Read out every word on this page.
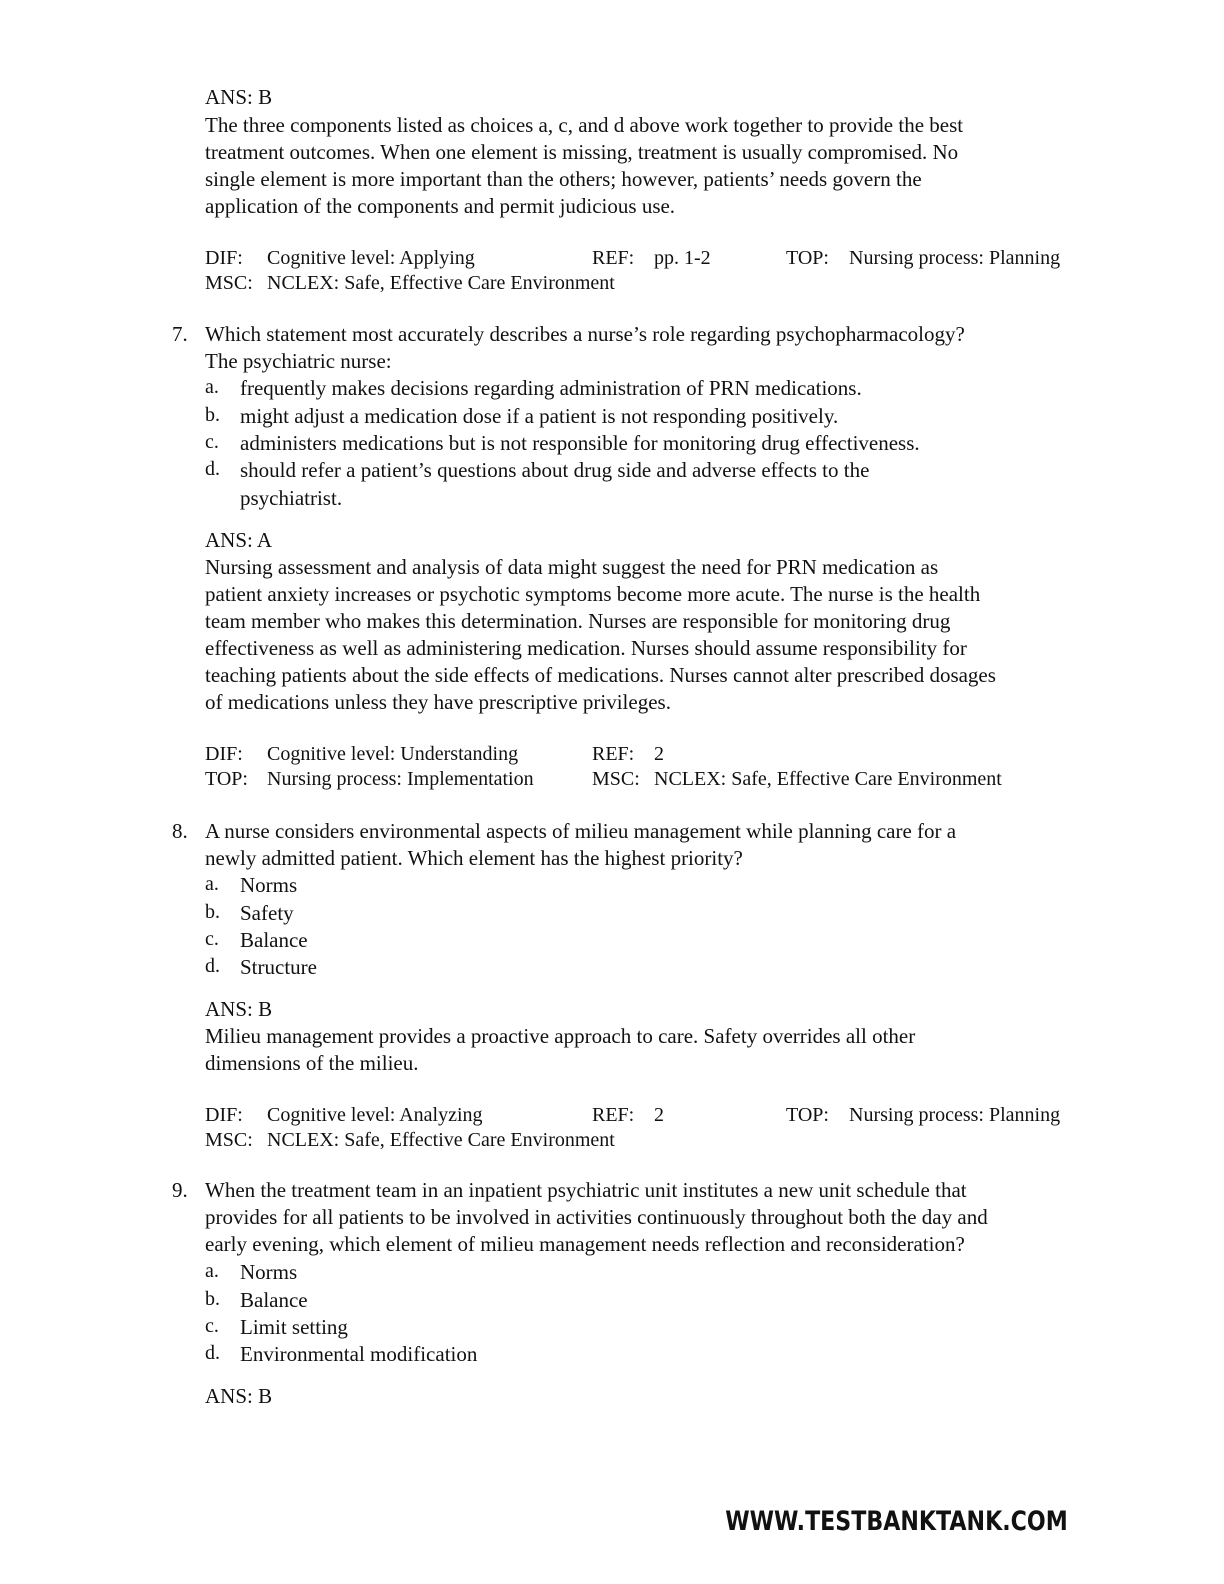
ANS: B
The three components listed as choices a, c, and d above work together to provide the best
treatment outcomes. When one element is missing, treatment is usually compromised. No
single element is more important than the others; however, patients’ needs govern the
application of the components and permit judicious use.
DIF: Cognitive level: Applying	REF: pp. 1-2	TOP: Nursing process: Planning
MSC: NCLEX: Safe, Effective Care Environment
7. Which statement most accurately describes a nurse’s role regarding psychopharmacology?
The psychiatric nurse:
a. frequently makes decisions regarding administration of PRN medications.
b. might adjust a medication dose if a patient is not responding positively.
c. administers medications but is not responsible for monitoring drug effectiveness.
d. should refer a patient’s questions about drug side and adverse effects to the
psychiatrist.
ANS: A
Nursing assessment and analysis of data might suggest the need for PRN medication as
patient anxiety increases or psychotic symptoms become more acute. The nurse is the health
team member who makes this determination. Nurses are responsible for monitoring drug
effectiveness as well as administering medication. Nurses should assume responsibility for
teaching patients about the side effects of medications. Nurses cannot alter prescribed dosages
of medications unless they have prescriptive privileges.
DIF: Cognitive level: Understanding	REF: 2
TOP: Nursing process: Implementation	MSC: NCLEX: Safe, Effective Care Environment
8. A nurse considers environmental aspects of milieu management while planning care for a
newly admitted patient. Which element has the highest priority?
a. Norms
b. Safety
c. Balance
d. Structure
ANS: B
Milieu management provides a proactive approach to care. Safety overrides all other
dimensions of the milieu.
DIF: Cognitive level: Analyzing	REF: 2	TOP: Nursing process: Planning
MSC: NCLEX: Safe, Effective Care Environment
9. When the treatment team in an inpatient psychiatric unit institutes a new unit schedule that
provides for all patients to be involved in activities continuously throughout both the day and
early evening, which element of milieu management needs reflection and reconsideration?
a. Norms
b. Balance
c. Limit setting
d. Environmental modification
ANS: B
WWW.TESTBANKTANK.COM
